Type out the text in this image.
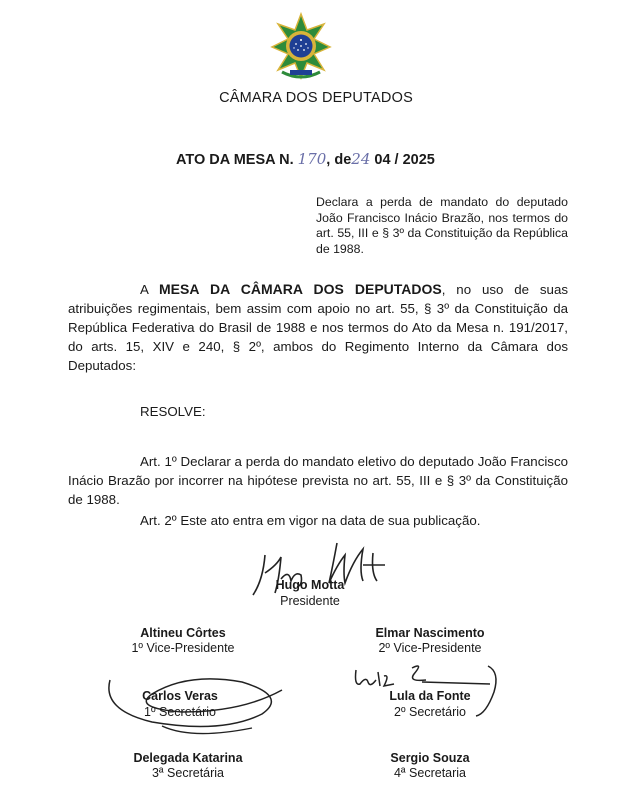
CÂMARA DOS DEPUTADOS
ATO DA MESA N. 170, de24 04 / 2025
Declara a perda de mandato do deputado João Francisco Inácio Brazão, nos termos do art. 55, III e § 3º da Constituição da República de 1988.
A MESA DA CÂMARA DOS DEPUTADOS, no uso de suas atribuições regimentais, bem assim com apoio no art. 55, § 3º da Constituição da República Federativa do Brasil de 1988 e nos termos do Ato da Mesa n. 191/2017, do arts. 15, XIV e 240, § 2º, ambos do Regimento Interno da Câmara dos Deputados:
RESOLVE:
Art. 1º Declarar a perda do mandato eletivo do deputado João Francisco Inácio Brazão por incorrer na hipótese prevista no art. 55, III e § 3º da Constituição de 1988.
Art. 2º Este ato entra em vigor na data de sua publicação.
Hugo Motta
Presidente
Altineu Côrtes
1º Vice-Presidente
Elmar Nascimento
2º Vice-Presidente
Carlos Veras
1º Secretário
Lula da Fonte
2º Secretário
Delegada Katarina
3ª Secretária
Sergio Souza
4ª Secretaria
